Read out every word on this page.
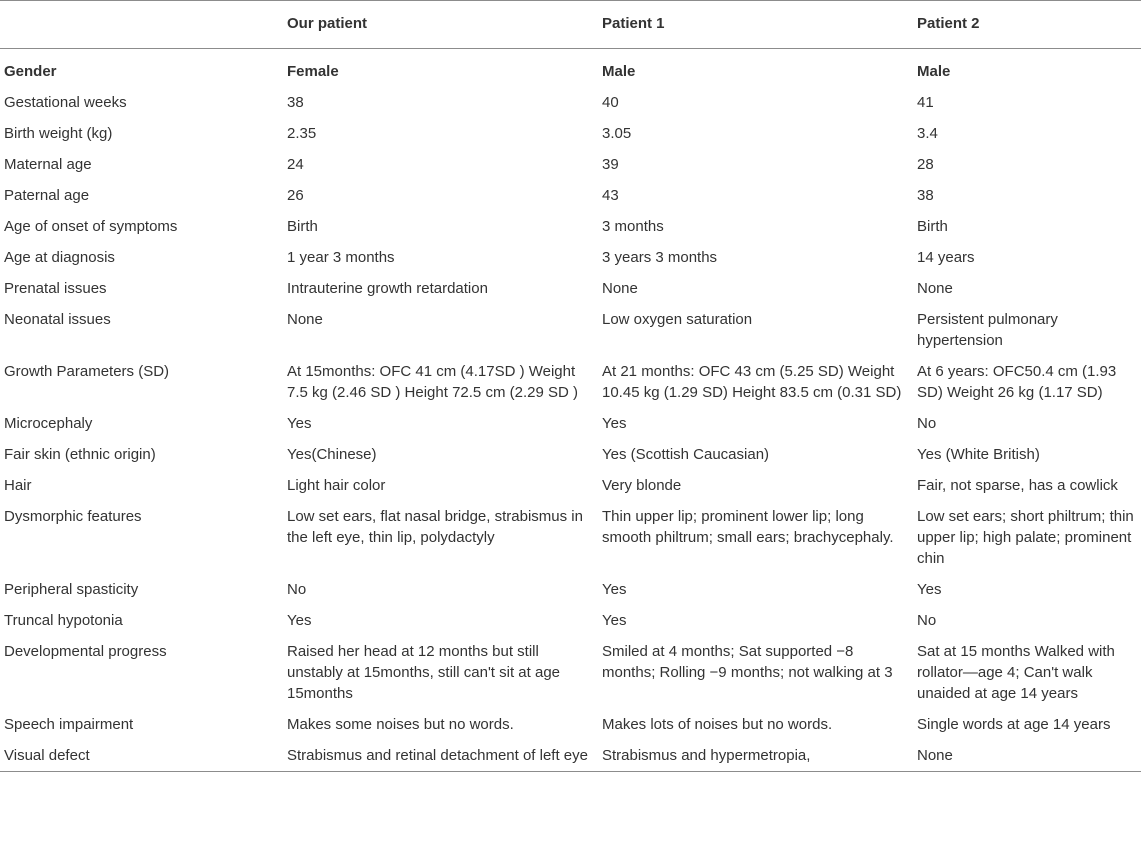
	Our patient	Patient 1	Patient 2
Gender	Female	Male	Male
Gestational weeks	38	40	41
Birth weight (kg)	2.35	3.05	3.4
Maternal age	24	39	28
Paternal age	26	43	38
Age of onset of symptoms	Birth	3 months	Birth
Age at diagnosis	1 year 3 months	3 years 3 months	14 years
Prenatal issues	Intrauterine growth retardation	None	None
Neonatal issues	None	Low oxygen saturation	Persistent pulmonary hypertension
Growth Parameters (SD)	At 15months: OFC 41 cm (4.17SD ) Weight 7.5 kg (2.46 SD ) Height 72.5 cm (2.29 SD )	At 21 months: OFC 43 cm (5.25 SD) Weight 10.45 kg (1.29 SD) Height 83.5 cm (0.31 SD)	At 6 years: OFC50.4 cm (1.93 SD) Weight 26 kg (1.17 SD)
Microcephaly	Yes	Yes	No
Fair skin (ethnic origin)	Yes(Chinese)	Yes (Scottish Caucasian)	Yes (White British)
Hair	Light hair color	Very blonde	Fair, not sparse, has a cowlick
Dysmorphic features	Low set ears, flat nasal bridge, strabismus in the left eye, thin lip, polydactyly	Thin upper lip; prominent lower lip; long smooth philtrum; small ears; brachycephaly.	Low set ears; short philtrum; thin upper lip; high palate; prominent chin
Peripheral spasticity	No	Yes	Yes
Truncal hypotonia	Yes	Yes	No
Developmental progress	Raised her head at 12 months but still unstably at 15months, still can't sit at age 15months	Smiled at 4 months; Sat supported −8 months; Rolling −9 months; not walking at 3	Sat at 15 months Walked with rollator—age 4; Can't walk unaided at age 14 years
Speech impairment	Makes some noises but no words.	Makes lots of noises but no words.	Single words at age 14 years
Visual defect	Strabismus and retinal detachment of left eye	Strabismus and hypermetropia,	None
